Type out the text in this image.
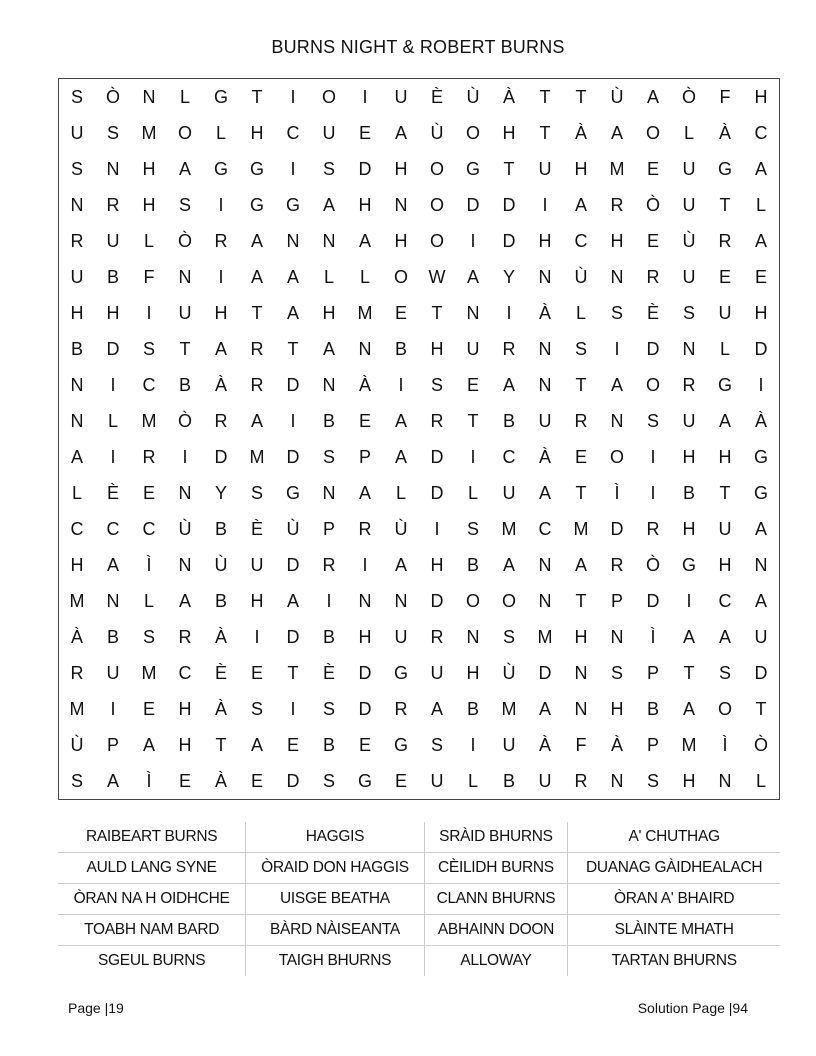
BURNS NIGHT & ROBERT BURNS
S	Ò	N	L	G	T	I	O	I	U	È	Ù	À	T	T	Ù	A	Ò	F	H
U	S	M	O	L	H	C	U	E	A	Ù	O	H	T	À	A	O	L	À	C
S	N	H	A	G	G	I	S	D	H	O	G	T	U	H	M	E	U	G	A
N	R	H	S	I	G	G	A	H	N	O	D	D	I	A	R	Ò	U	T	L
R	U	L	Ò	R	A	N	N	A	H	O	I	D	H	C	H	E	Ù	R	A
U	B	F	N	I	A	A	L	L	O	W	A	Y	N	Ù	N	R	U	E	E
H	H	I	U	H	T	A	H	M	E	T	N	I	À	L	S	È	S	U	H
B	D	S	T	A	R	T	A	N	B	H	U	R	N	S	I	D	N	L	D
N	I	C	B	À	R	D	N	À	I	S	E	A	N	T	A	O	R	G	I
N	L	M	Ò	R	A	I	B	E	A	R	T	B	U	R	N	S	U	A	À
A	I	R	I	D	M	D	S	P	A	D	I	C	À	E	O	I	H	H	G
L	È	E	N	Y	S	G	N	A	L	D	L	U	A	T	Ì	I	B	T	G
C	C	C	Ù	B	È	Ù	P	R	Ù	I	S	M	C	M	D	R	H	U	A
H	A	Ì	N	Ù	U	D	R	I	A	H	B	A	N	A	R	Ò	G	H	N
M	N	L	A	B	H	A	I	N	N	D	O	O	N	T	P	D	I	C	A
À	B	S	R	À	I	D	B	H	U	R	N	S	M	H	N	Ì	A	A	U
R	U	M	C	È	E	T	È	D	G	U	H	Ù	D	N	S	P	T	S	D
M	I	E	H	À	S	I	S	D	R	A	B	M	A	N	H	B	A	O	T
Ù	P	A	H	T	A	E	B	E	G	S	I	U	À	F	À	P	M	Ì	Ò
S	A	Ì	E	À	E	D	S	G	E	U	L	B	U	R	N	S	H	N	L
RAIBEART BURNS	HAGGIS	SRÀID BHURNS	A' CHUTHAG
AULD LANG SYNE	ÒRAID DON HAGGIS	CÈILIDH BURNS	DUANAG GÀIDHEALACH
ÒRAN NA H OIDHCHE	UISGE BEATHA	CLANN BHURNS	ÒRAN A' BHAIRD
TOABH NAM BARD	BÀRD NÀISEANTA	ABHAINN DOON	SLÀINTE MHATH
SGEUL BURNS	TAIGH BHURNS	ALLOWAY	TARTAN BHURNS
Page |19	Solution Page |94
